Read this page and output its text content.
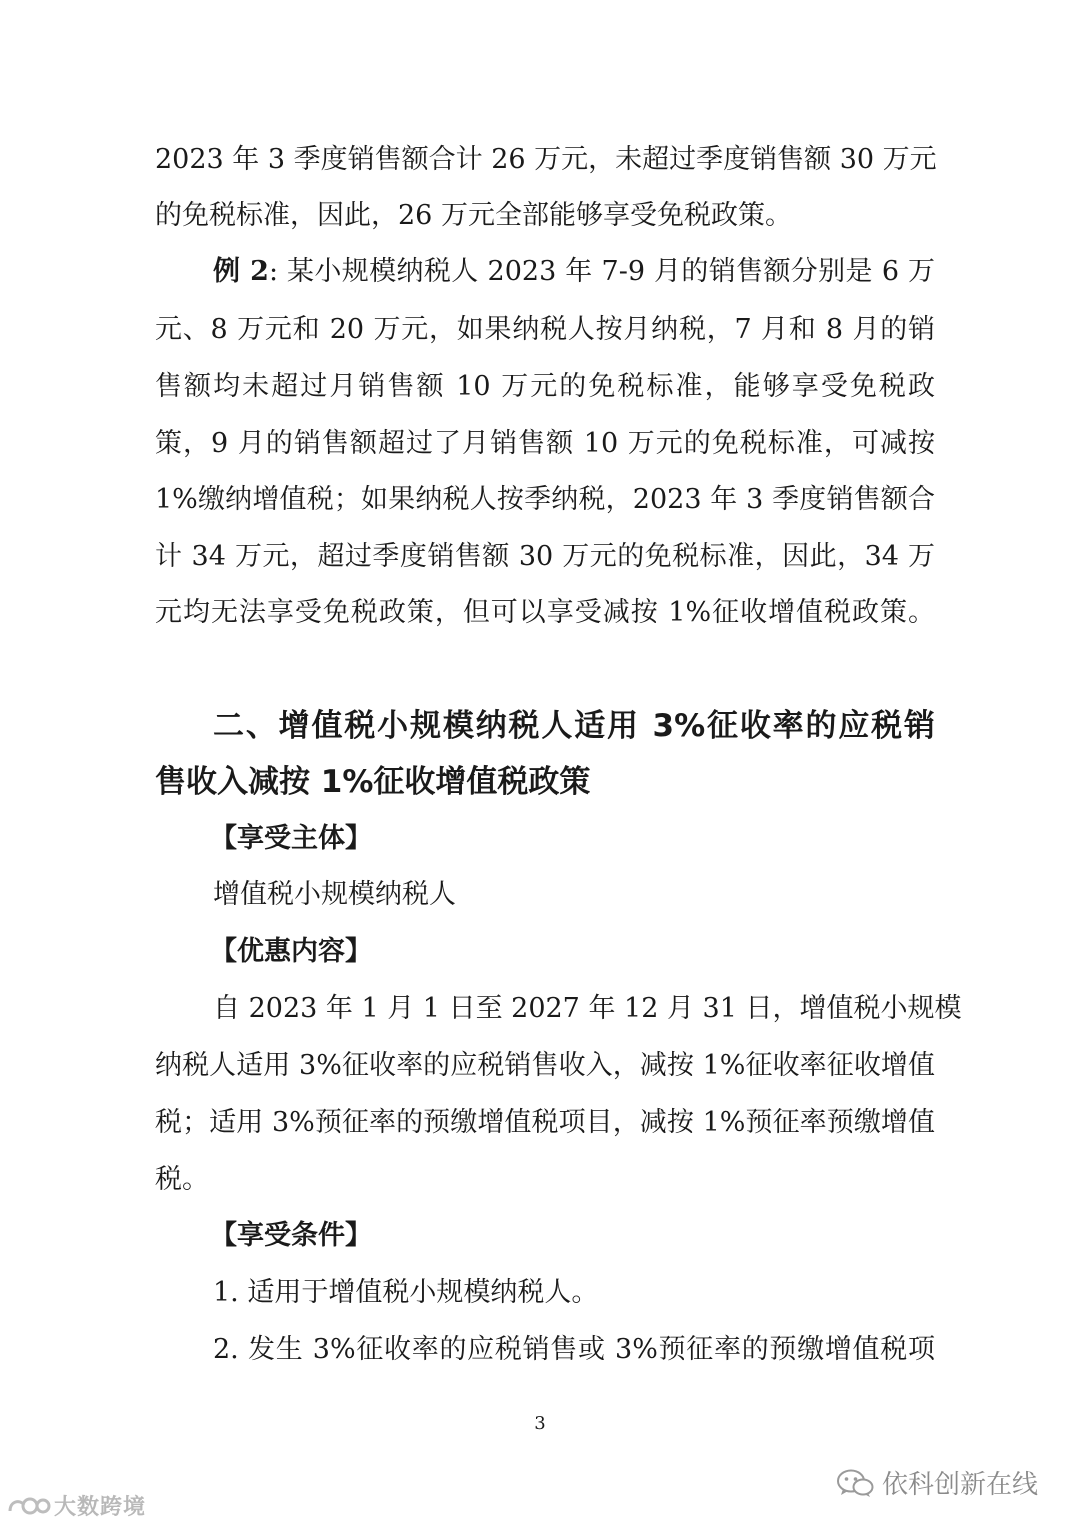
2023 年 3 季度销售额合计 26 万元，未超过季度销售额 30 万元
的免税标准，因此，26 万元全部能够享受免税政策。
例 2: 某小规模纳税人 2023 年 7-9 月的销售额分别是 6 万
元、8 万元和 20 万元，如果纳税人按月纳税，7 月和 8 月的销
售额均未超过月销售额 10 万元的免税标准，能够享受免税政
策，9 月的销售额超过了月销售额 10 万元的免税标准，可减按
1%缴纳增值税；如果纳税人按季纳税，2023 年 3 季度销售额合
计 34 万元，超过季度销售额 30 万元的免税标准，因此，34 万
元均无法享受免税政策，但可以享受减按 1%征收增值税政策。
二、增值税小规模纳税人适用 3%征收率的应税销
售收入减按 1%征收增值税政策
【享受主体】
增值税小规模纳税人
【优惠内容】
自 2023 年 1 月 1 日至 2027 年 12 月 31 日，增值税小规模
纳税人适用 3%征收率的应税销售收入，减按 1%征收率征收增值
税；适用 3%预征率的预缴增值税项目，减按 1%预征率预缴增值
税。
【享受条件】
1. 适用于增值税小规模纳税人。
2. 发生 3%征收率的应税销售或 3%预征率的预缴增值税项
3
依科创新在线
大数跨境
